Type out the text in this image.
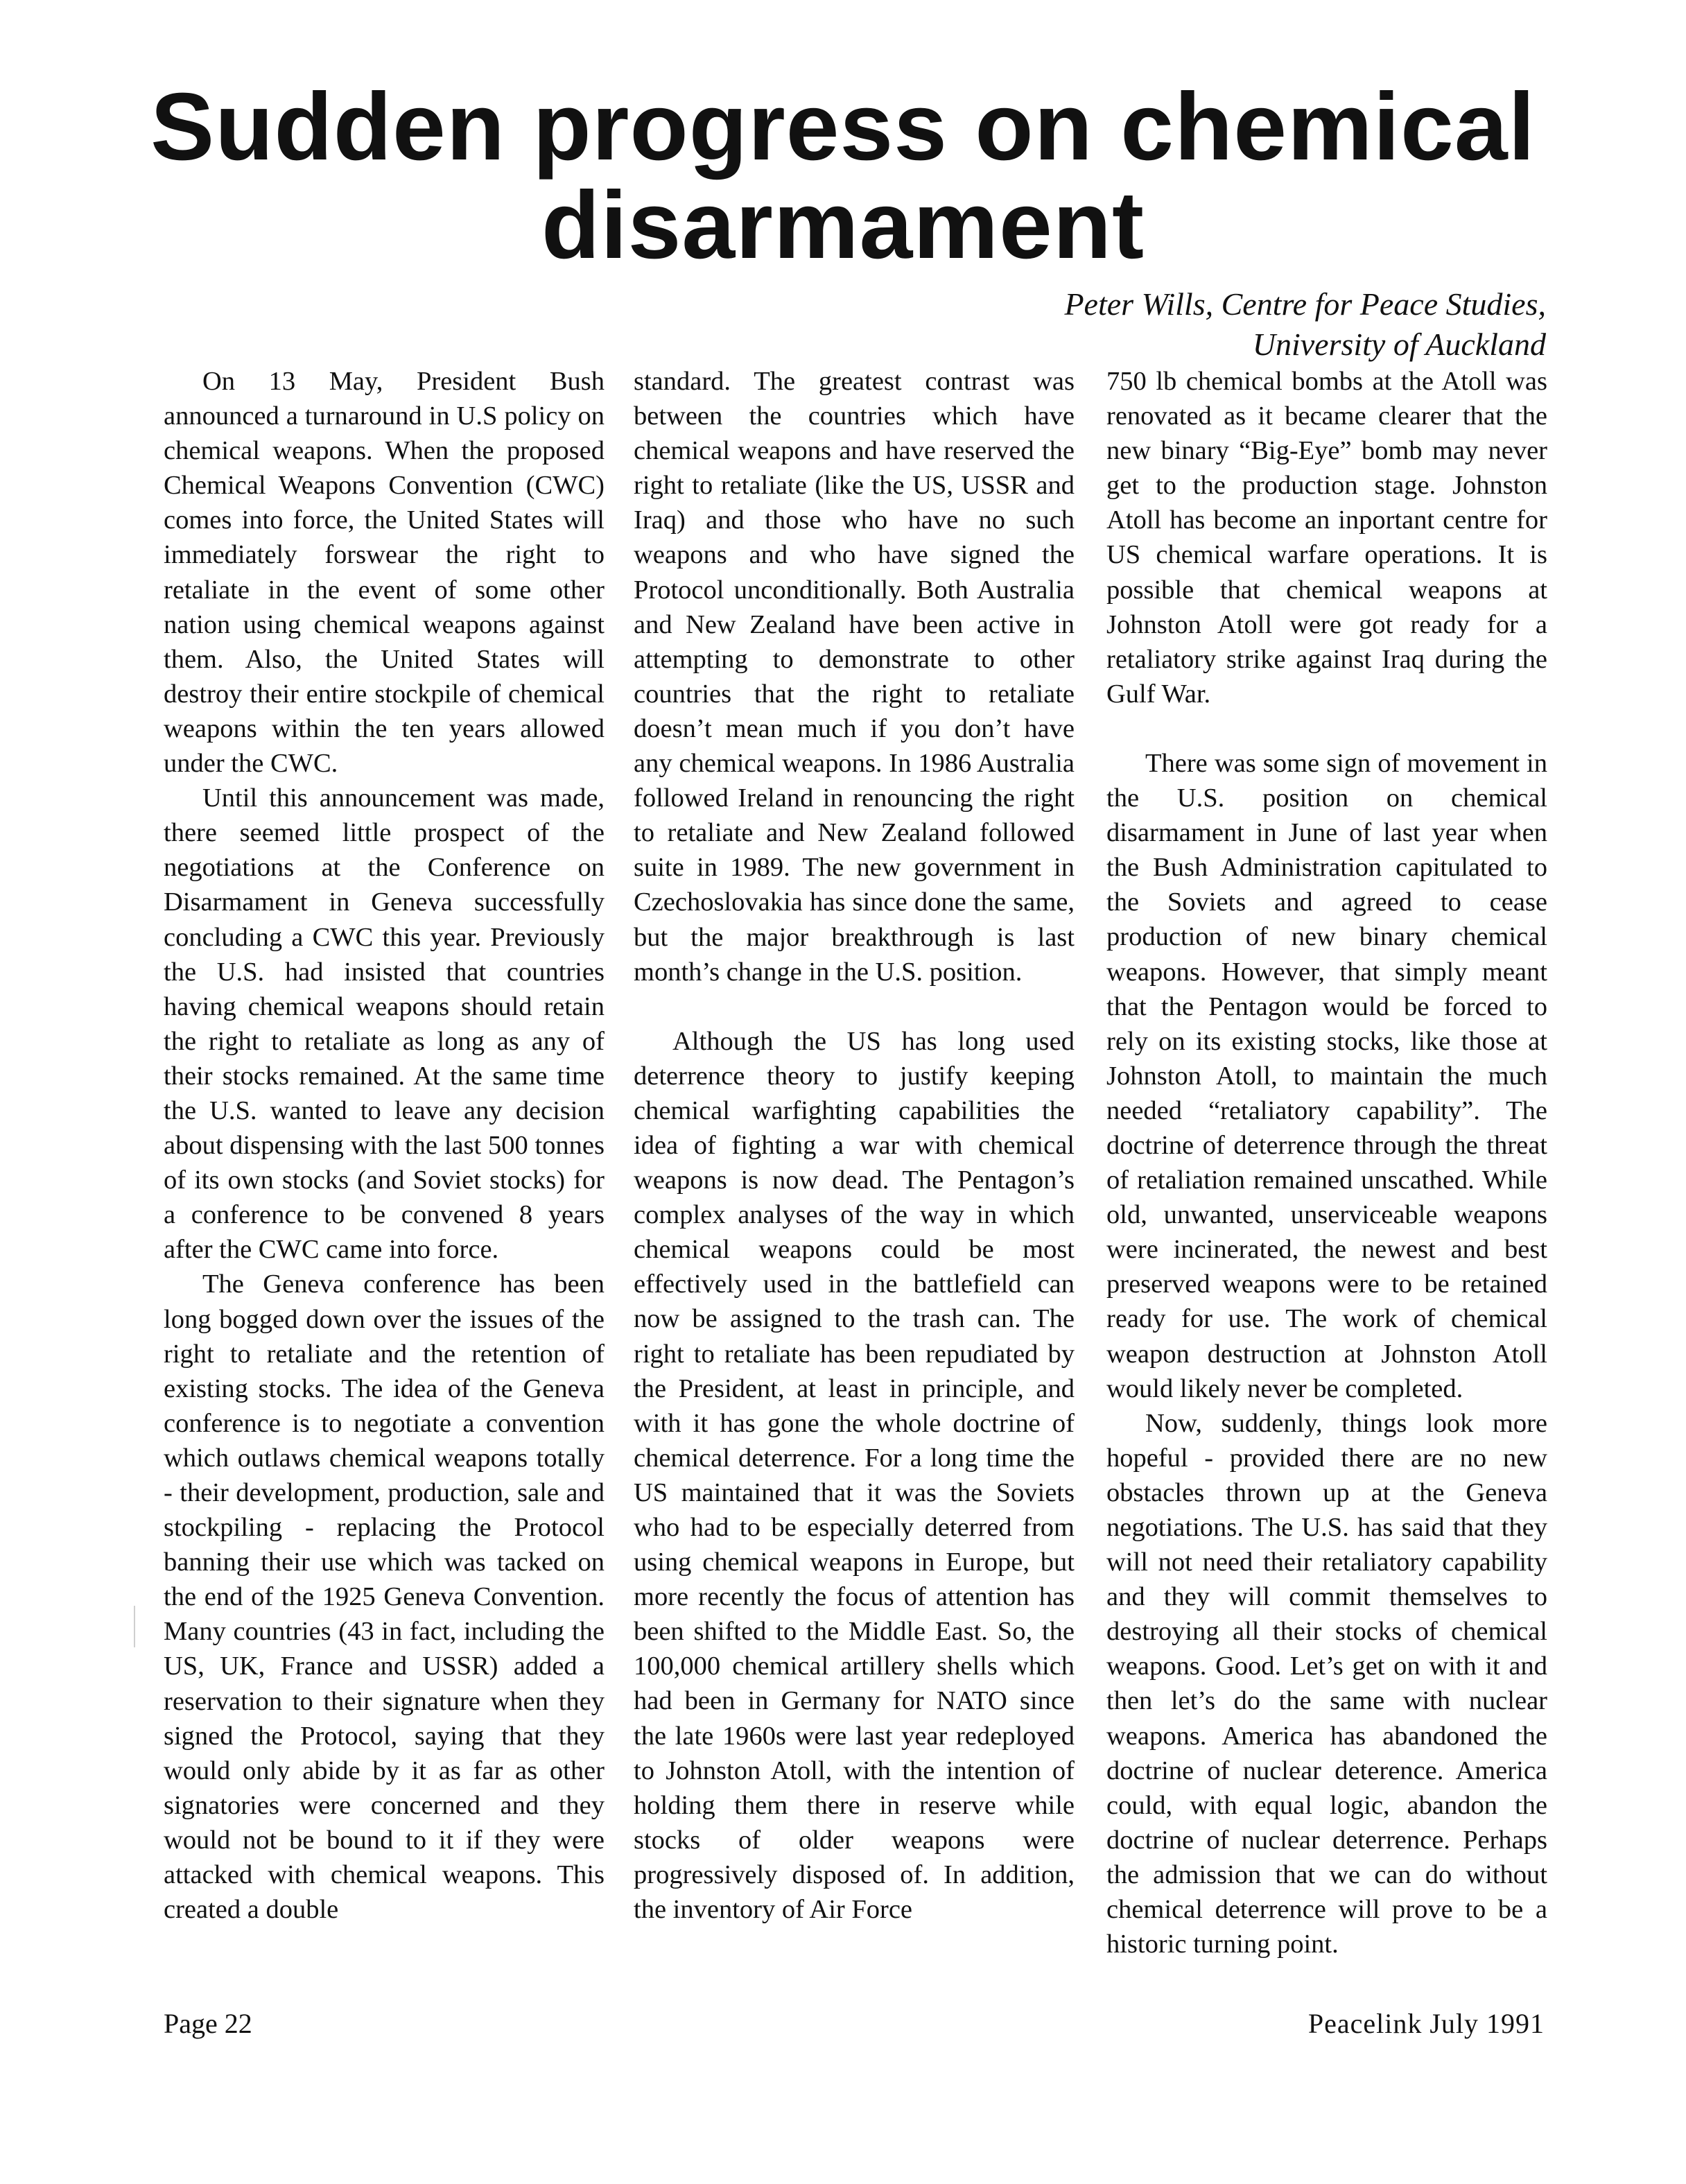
Sudden progress on chemical disarmament
Peter Wills, Centre for Peace Studies,
University of Auckland

On 13 May, President Bush announced a turnaround in U.S policy on chemical weapons. When the proposed Chemical Weapons Convention (CWC) comes into force, the United States will immediately forswear the right to retaliate in the event of some other nation using chemical weapons against them. Also, the United States will destroy their entire stockpile of chemical weapons within the ten years allowed under the CWC.

Until this announcement was made, there seemed little prospect of the negotiations at the Conference on Disarmament in Geneva successfully concluding a CWC this year. Previously the U.S. had insisted that countries having chemical weapons should retain the right to retaliate as long as any of their stocks remained. At the same time the U.S. wanted to leave any decision about dispensing with the last 500 tonnes of its own stocks (and Soviet stocks) for a conference to be convened 8 years after the CWC came into force.

The Geneva conference has been long bogged down over the issues of the right to retaliate and the retention of existing stocks. The idea of the Geneva conference is to negotiate a convention which outlaws chemical weapons totally - their development, production, sale and stockpiling - replacing the Protocol banning their use which was tacked on the end of the 1925 Geneva Convention. Many countries (43 in fact, including the US, UK, France and USSR) added a reservation to their signature when they signed the Protocol, saying that they would only abide by it as far as other signatories were concerned and they would not be bound to it if they were attacked with chemical weapons. This created a double

standard. The greatest contrast was between the countries which have chemical weapons and have reserved the right to retaliate (like the US, USSR and Iraq) and those who have no such weapons and who have signed the Protocol unconditionally. Both Australia and New Zealand have been active in attempting to demonstrate to other countries that the right to retaliate doesn’t mean much if you don’t have any chemical weapons. In 1986 Australia followed Ireland in renouncing the right to retaliate and New Zealand followed suite in 1989. The new government in Czechoslovakia has since done the same, but the major breakthrough is last month’s change in the U.S. position.

Although the US has long used deterrence theory to justify keeping chemical warfighting capabilities the idea of fighting a war with chemical weapons is now dead. The Pentagon’s complex analyses of the way in which chemical weapons could be most effectively used in the battlefield can now be assigned to the trash can. The right to retaliate has been repudiated by the President, at least in principle, and with it has gone the whole doctrine of chemical deterrence. For a long time the US maintained that it was the Soviets who had to be especially deterred from using chemical weapons in Europe, but more recently the focus of attention has been shifted to the Middle East. So, the 100,000 chemical artillery shells which had been in Germany for NATO since the late 1960s were last year redeployed to Johnston Atoll, with the intention of holding them there in reserve while stocks of older weapons were progressively disposed of. In addition, the inventory of Air Force

750 lb chemical bombs at the Atoll was renovated as it became clearer that the new binary “Big-Eye” bomb may never get to the production stage. Johnston Atoll has become an inportant centre for US chemical warfare operations. It is possible that chemical weapons at Johnston Atoll were got ready for a retaliatory strike against Iraq during the Gulf War.

There was some sign of movement in the U.S. position on chemical disarmament in June of last year when the Bush Administration capitulated to the Soviets and agreed to cease production of new binary chemical weapons. However, that simply meant that the Pentagon would be forced to rely on its existing stocks, like those at Johnston Atoll, to maintain the much needed “retaliatory capability”. The doctrine of deterrence through the threat of retaliation remained unscathed. While old, unwanted, unserviceable weapons were incinerated, the newest and best preserved weapons were to be retained ready for use. The work of chemical weapon destruction at Johnston Atoll would likely never be completed.

Now, suddenly, things look more hopeful - provided there are no new obstacles thrown up at the Geneva negotiations. The U.S. has said that they will not need their retaliatory capability and they will commit themselves to destroying all their stocks of chemical weapons. Good. Let’s get on with it and then let’s do the same with nuclear weapons. America has abandoned the doctrine of nuclear deterence. America could, with equal logic, abandon the doctrine of nuclear deterrence. Perhaps the admission that we can do without chemical deterrence will prove to be a historic turning point.

Page 22	Peacelink July 1991
